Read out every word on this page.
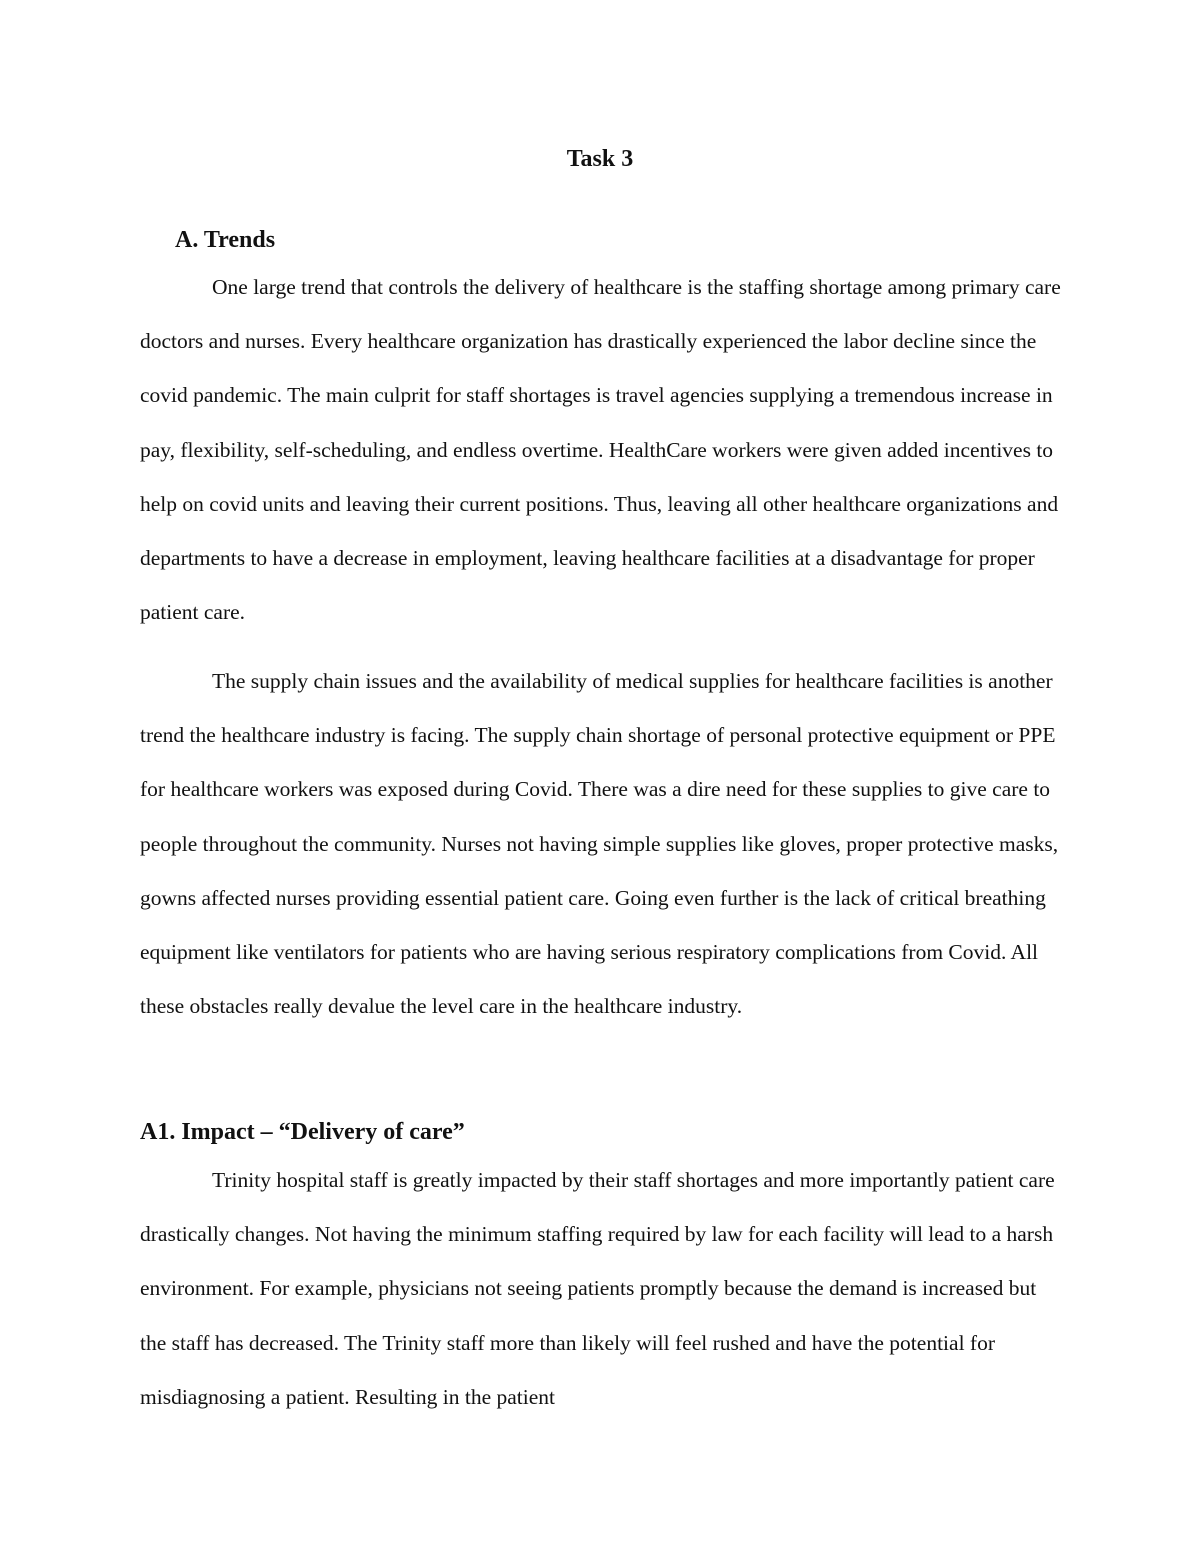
Task 3
A. Trends

One large trend that controls the delivery of healthcare is the staffing shortage among primary care doctors and nurses. Every healthcare organization has drastically experienced the labor decline since the covid pandemic. The main culprit for staff shortages is travel agencies supplying a tremendous increase in pay, flexibility, self-scheduling, and endless overtime. HealthCare workers were given added incentives to help on covid units and leaving their current positions. Thus, leaving all other healthcare organizations and departments to have a decrease in employment, leaving healthcare facilities at a disadvantage for proper patient care.

The supply chain issues and the availability of medical supplies for healthcare facilities is another trend the healthcare industry is facing. The supply chain shortage of personal protective equipment or PPE for healthcare workers was exposed during Covid. There was a dire need for these supplies to give care to people throughout the community. Nurses not having simple supplies like gloves, proper protective masks, gowns affected nurses providing essential patient care. Going even further is the lack of critical breathing equipment like ventilators for patients who are having serious respiratory complications from Covid. All these obstacles really devalue the level care in the healthcare industry.

A1. Impact – “Delivery of care”

Trinity hospital staff is greatly impacted by their staff shortages and more importantly patient care drastically changes. Not having the minimum staffing required by law for each facility will lead to a harsh environment. For example, physicians not seeing patients promptly because the demand is increased but the staff has decreased. The Trinity staff more than likely will feel rushed and have the potential for misdiagnosing a patient. Resulting in the patient
